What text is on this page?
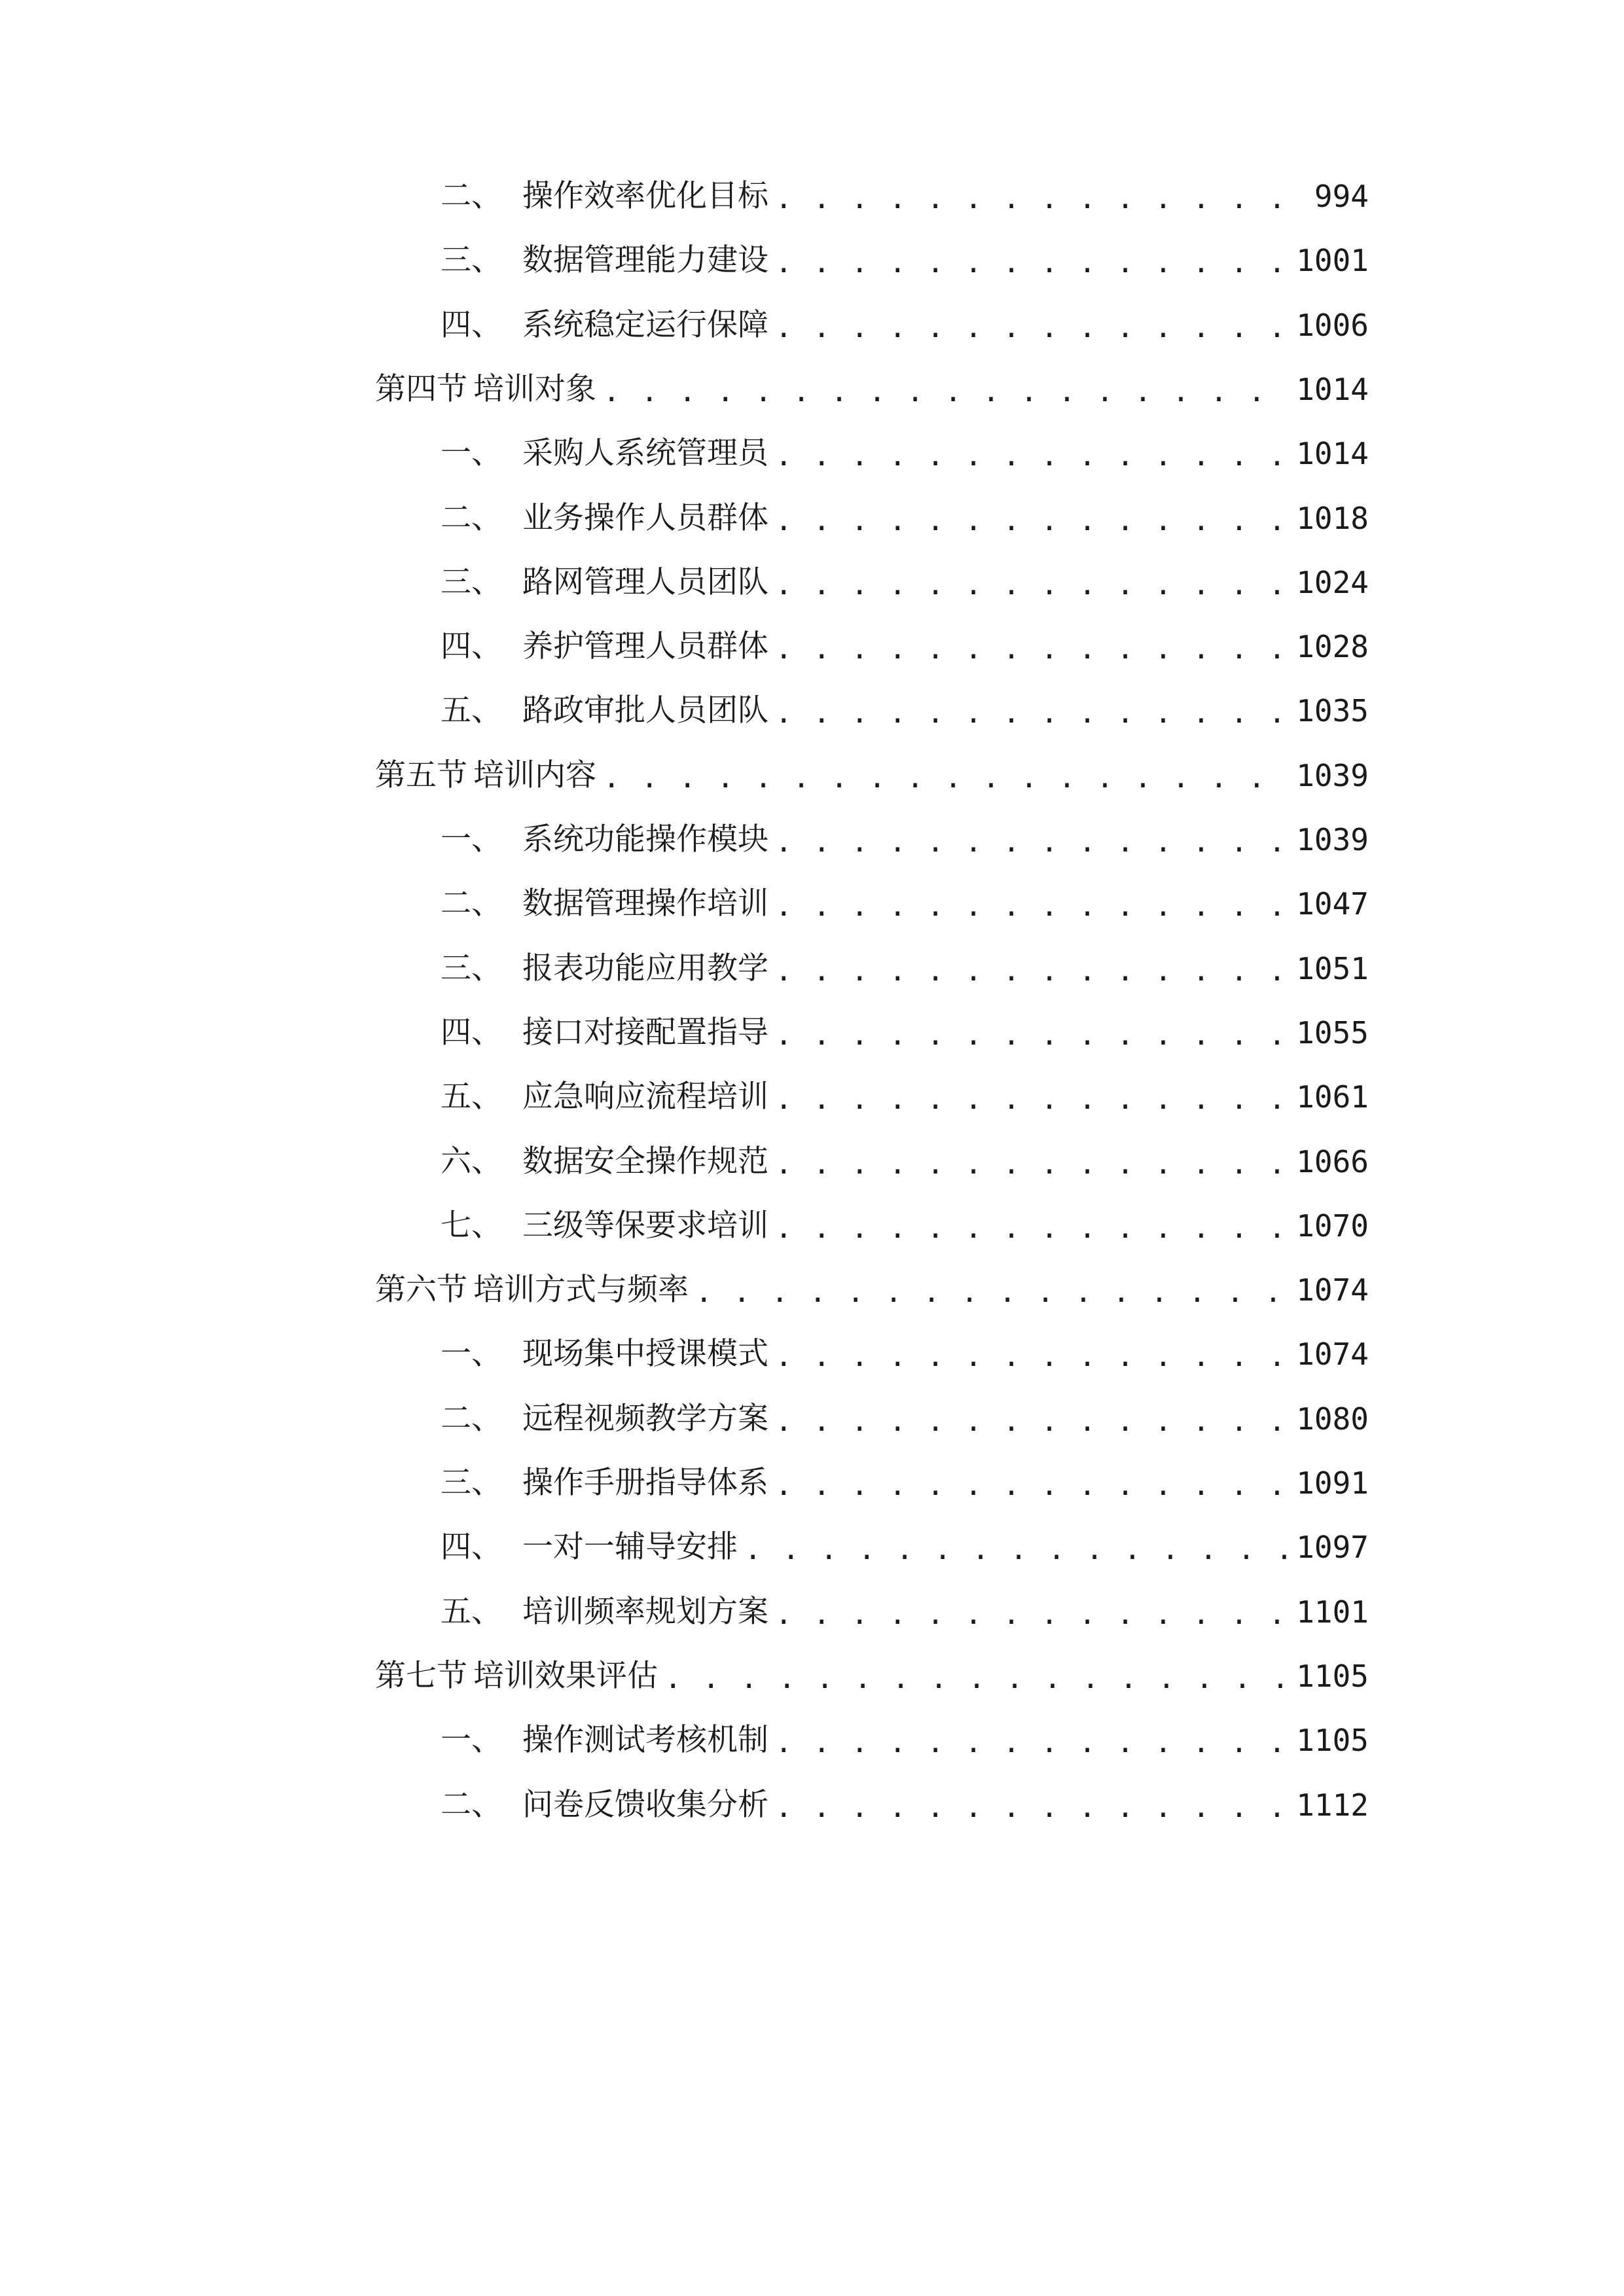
二、 操作效率优化目标 . . .	994
三、 数据管理能力建设 . . .	1001
四、 系统稳定运行保障 . . .	1006
第四节 培训对象 . . .	1014
一、 采购人系统管理员 . . .	1014
二、 业务操作人员群体 . . .	1018
三、 路网管理人员团队 . . .	1024
四、 养护管理人员群体 . . .	1028
五、 路政审批人员团队 . . .	1035
第五节 培训内容 . . .	1039
一、 系统功能操作模块 . . .	1039
二、 数据管理操作培训 . . .	1047
三、 报表功能应用教学 . . .	1051
四、 接口对接配置指导 . . .	1055
五、 应急响应流程培训 . . .	1061
六、 数据安全操作规范 . . .	1066
七、 三级等保要求培训 . . .	1070
第六节 培训方式与频率 . . .	1074
一、 现场集中授课模式 . . .	1074
二、 远程视频教学方案 . . .	1080
三、 操作手册指导体系 . . .	1091
四、 一对一辅导安排 . . .	1097
五、 培训频率规划方案 . . .	1101
第七节 培训效果评估 . . .	1105
一、 操作测试考核机制 . . .	1105
二、 问卷反馈收集分析 . . .	1112
